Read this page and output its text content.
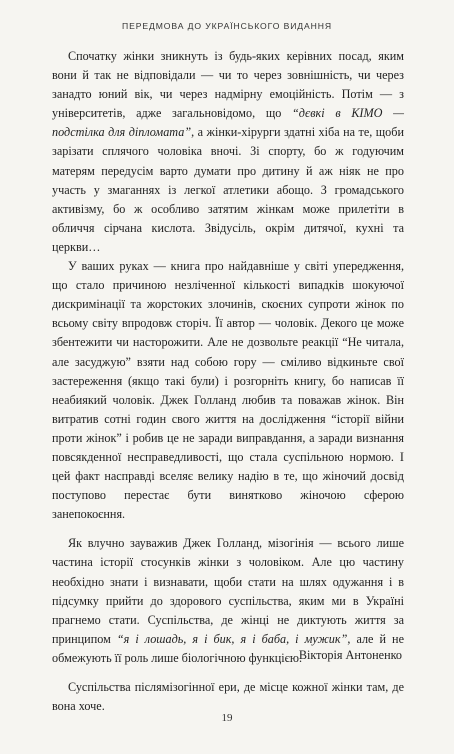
ПЕРЕДМОВА ДО УКРАЇНСЬКОГО ВИДАННЯ

Спочатку жінки зникнуть із будь-яких керівних посад, яким вони й так не відповідали — чи то через зовнішність, чи через занадто юний вік, чи через надмірну емоційність. Потім — з університетів, адже загальновідомо, що “дєвкі в КІМО — подстілка для діпломата”, а жінки-хірурги здатні хіба на те, щоби зарізати сплячого чоловіка вночі. Зі спорту, бо ж годуючим матерям передусім варто думати про дитину й аж ніяк не про участь у змаганнях із легкої атлетики абощо. З громадського активізму, бо ж особливо затятим жінкам може прилетіти в обличчя сірчана кислота. Звідусіль, окрім дитячої, кухні та церкви…

У ваших руках — книга про найдавніше у світі упередження, що стало причиною незліченної кількості випадків шокуючої дискримінації та жорстоких злочинів, скоєних супроти жінок по всьому світу впродовж сторіч. Її автор — чоловік. Декого це може збентежити чи насторожити. Але не дозвольте реакції “Не читала, але засуджую” взяти над собою гору — сміливо відкиньте свої застереження (якщо такі були) і розгорніть книгу, бо написав її неабиякий чоловік. Джек Голланд любив та поважав жінок. Він витратив сотні годин свого життя на дослідження “історії війни проти жінок” і робив це не заради виправдання, а заради визнання повсякденної несправедливості, що стала суспільною нормою. І цей факт насправді вселяє велику надію в те, що жіночий досвід поступово перестає бути винятково жіночою сферою занепокоєння.

Як влучно зауважив Джек Голланд, мізогінія — всього лише частина історії стосунків жінки з чоловіком. Але цю частину необхідно знати і визнавати, щоби стати на шлях одужання і в підсумку прийти до здорового суспільства, яким ми в Україні прагнемо стати. Суспільства, де жінці не диктують життя за принципом “я і лошадь, я і бик, я і баба, і мужик”, але й не обмежують її роль лише біологічною функцією.

Суспільства післямізогінної ери, де місце кожної жінки там, де вона хоче.

Вікторія Антоненко
19
